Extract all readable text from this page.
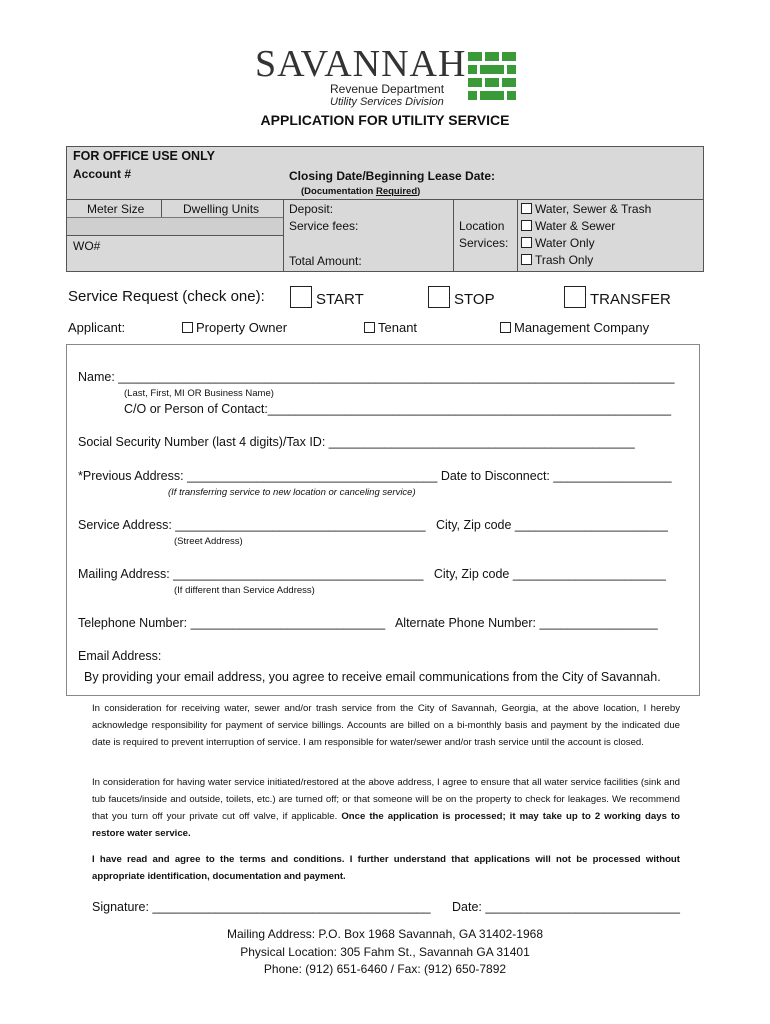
SAVANNAH
Revenue Department
Utility Services Division
APPLICATION FOR UTILITY SERVICE
FOR OFFICE USE ONLY
Account #	Closing Date/Beginning Lease Date:
(Documentation Required)
Meter Size	Dwelling Units
WO#
Deposit:
Service fees:
Total Amount:
Location
Services:
Water, Sewer & Trash
Water & Sewer
Water Only
Trash Only
Service Request (check one):	START	STOP	TRANSFER
Applicant:	Property Owner	Tenant	Management Company
Name: ________________________________________________________________________________
(Last, First, MI OR Business Name)
C/O or Person of Contact:__________________________________________________________
Social Security Number (last 4 digits)/Tax ID: ____________________________________________
*Previous Address: ____________________________________ Date to Disconnect: _________________
(If transferring service to new location or canceling service)
Service Address: ____________________________________   City, Zip code ______________________
(Street Address)
Mailing Address: ____________________________________   City, Zip code ______________________
(If different than Service Address)
Telephone Number: ____________________________   Alternate Phone Number: _________________
Email Address:
By providing your email address, you agree to receive email communications from the City of Savannah.
In consideration for receiving water, sewer and/or trash service from the City of Savannah, Georgia, at the above location, I hereby acknowledge responsibility for payment of service billings. Accounts are billed on a bi-monthly basis and payment by the indicated due date is required to prevent interruption of service. I am responsible for water/sewer and/or trash service until the account is closed.
In consideration for having water service initiated/restored at the above address, I agree to ensure that all water service facilities (sink and tub faucets/inside and outside, toilets, etc.) are turned off; or that someone will be on the property to check for leakages. We recommend that you turn off your private cut off valve, if applicable. Once the application is processed; it may take up to 2 working days to restore water service.
I have read and agree to the terms and conditions. I further understand that applications will not be processed without appropriate identification, documentation and payment.
Signature: ________________________________________ Date: ____________________________
Mailing Address: P.O. Box 1968 Savannah, GA 31402-1968
Physical Location: 305 Fahm St., Savannah GA 31401
Phone: (912) 651-6460 / Fax: (912) 650-7892
